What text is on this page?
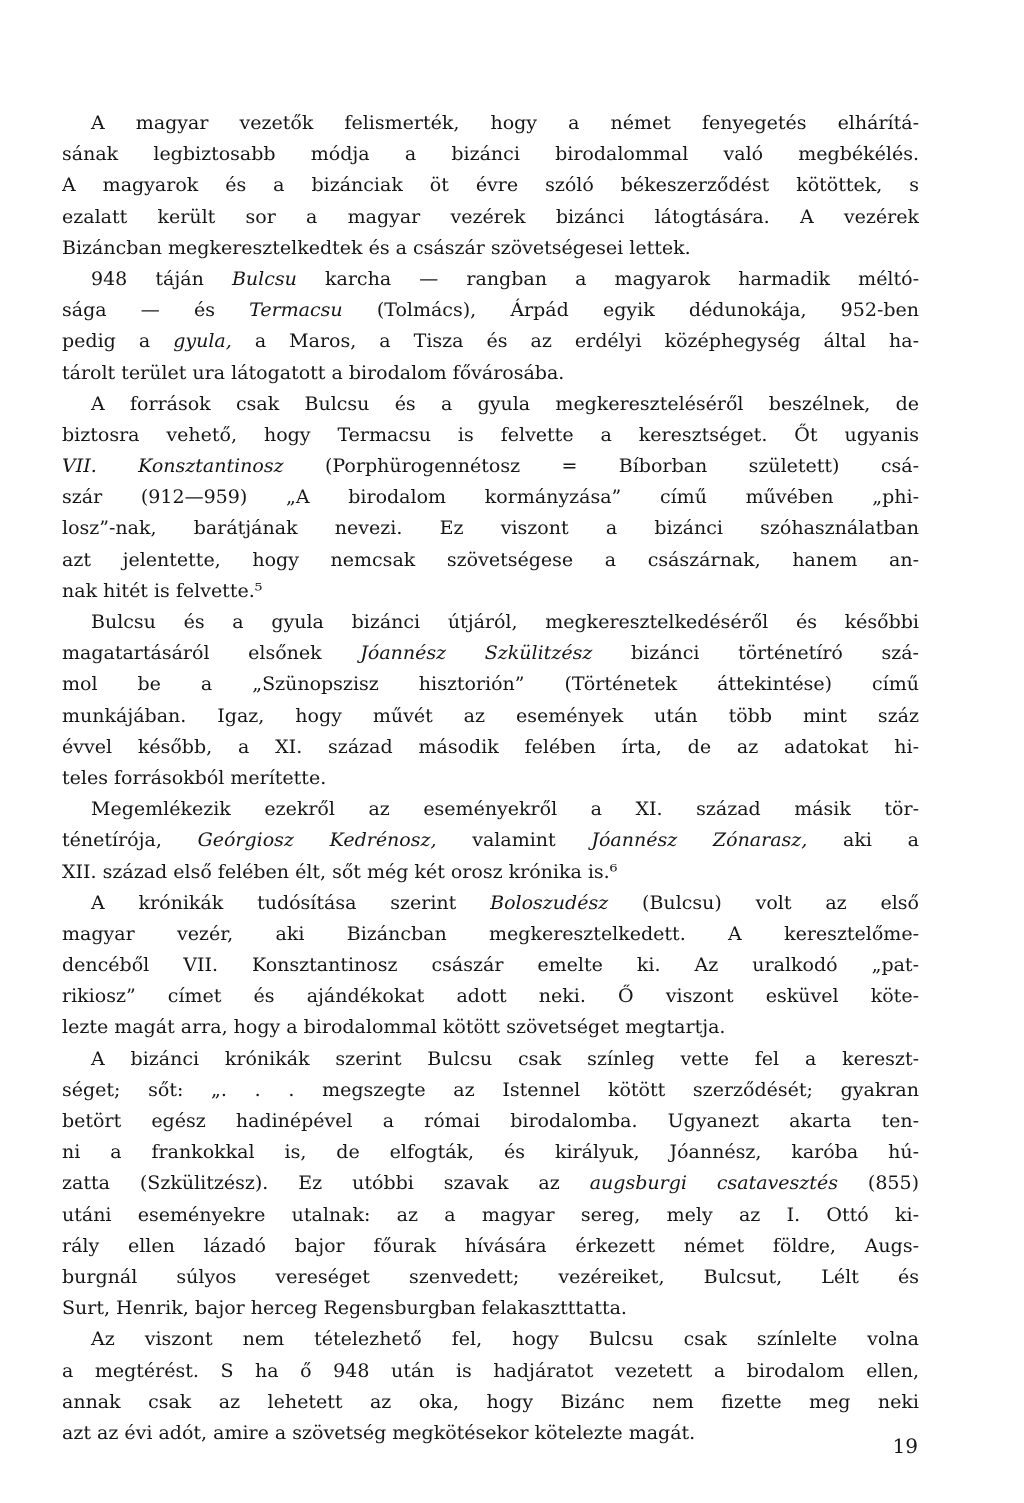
A magyar vezetők felismerték, hogy a német fenyegetés elhárítá-
sának legbiztosabb módja a bizánci birodalommal való megbékélés.
A magyarok és a bizánciak öt évre szóló békeszerződést kötöttek, s
ezalatt került sor a magyar vezérek bizánci látogtására. A vezérek
Bizáncban megkeresztelkedtek és a császár szövetségesei lettek.
948 táján Bulcsu karcha — rangban a magyarok harmadik méltó-
sága — és Termacsu (Tolmács), Árpád egyik dédunokája, 952-ben
pedig a gyula, a Maros, a Tisza és az erdélyi középhegység által ha-
tárolt terület ura látogatott a birodalom fővárosába.
A források csak Bulcsu és a gyula megkereszteléséről beszélnek, de
biztosra vehető, hogy Termacsu is felvette a keresztséget. Őt ugyanis
VII. Konsztantinosz (Porphürogennétosz = Bíborban született) csá-
szár (912—959) „A birodalom kormányzása” című művében „phi-
losz”-nak, barátjának nevezi. Ez viszont a bizánci szóhasználatban
azt jelentette, hogy nemcsak szövetségese a császárnak, hanem an-
nak hitét is felvette.⁵
Bulcsu és a gyula bizánci útjáról, megkeresztelkedéséről és későbbi
magatartásáról elsőnek Jóannész Szkülitzész bizánci történetíró szá-
mol be a „Szünopszisz hisztorión” (Történetek áttekintése) című
munkájában. Igaz, hogy művét az események után több mint száz
évvel később, a XI. század második felében írta, de az adatokat hi-
teles forrásokból merítette.
Megemlékezik ezekről az eseményekről a XI. század másik tör-
ténetírója, Geórgiosz Kedrénosz, valamint Jóannész Zónarasz, aki a
XII. század első felében élt, sőt még két orosz krónika is.⁶
A krónikák tudósítása szerint Boloszudész (Bulcsu) volt az első
magyar vezér, aki Bizáncban megkeresztelkedett. A keresztelőme-
dencéből VII. Konsztantinosz császár emelte ki. Az uralkodó „pat-
rikiosz” címet és ajándékokat adott neki. Ő viszont esküvel köte-
lezte magát arra, hogy a birodalommal kötött szövetséget megtartja.
A bizánci krónikák szerint Bulcsu csak színleg vette fel a kereszt-
séget; sőt: „. . . megszegte az Istennel kötött szerződését; gyakran
betört egész hadinépével a római birodalomba. Ugyanezt akarta ten-
ni a frankokkal is, de elfogták, és királyuk, Jóannész, karóba hú-
zatta (Szkülitzész). Ez utóbbi szavak az augsburgi csatavesztés (855)
utáni eseményekre utalnak: az a magyar sereg, mely az I. Ottó ki-
rály ellen lázadó bajor főurak hívására érkezett német földre, Augs-
burgnál súlyos vereséget szenvedett; vezéreiket, Bulcsut, Lélt és
Surt, Henrik, bajor herceg Regensburgban felakasztttatta.
Az viszont nem tételezhető fel, hogy Bulcsu csak színlelte volna
a megtérést. S ha ő 948 után is hadjáratot vezetett a birodalom ellen,
annak csak az lehetett az oka, hogy Bizánc nem fizette meg neki
azt az évi adót, amire a szövetség megkötésekor kötelezte magát.
19
